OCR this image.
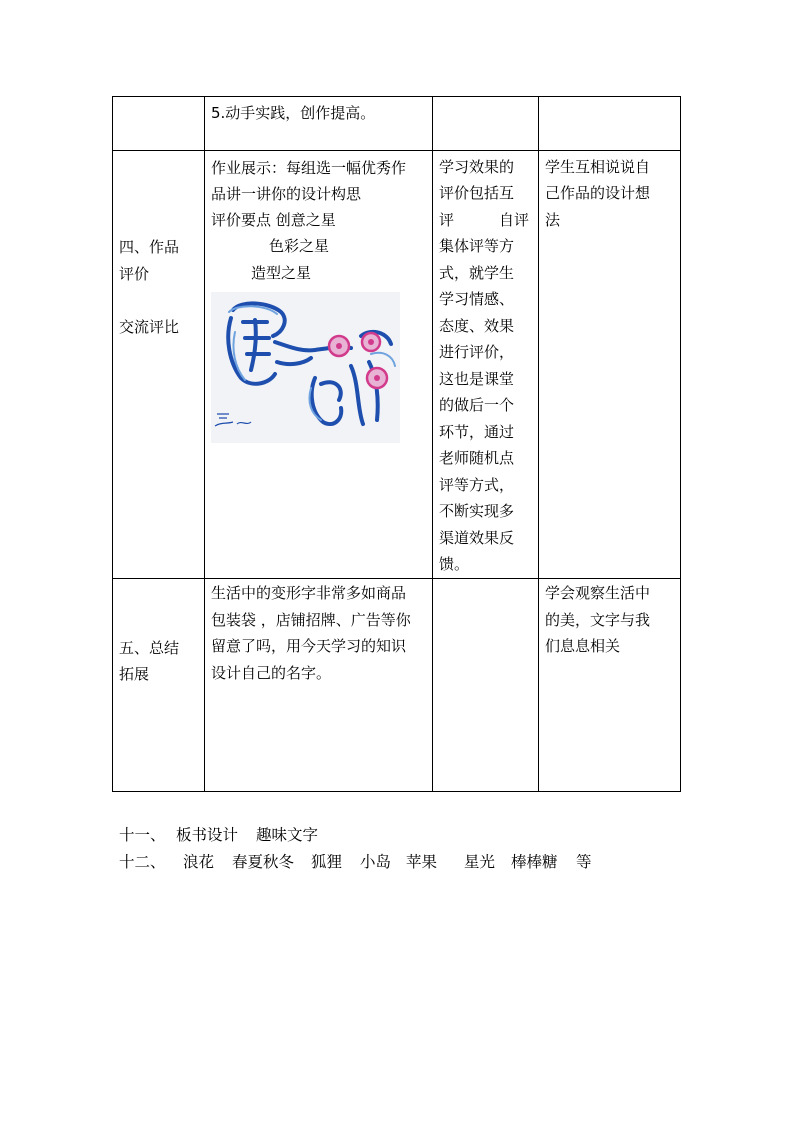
5.动手实践，创作提高。
四、作品
评价
交流评比
作业展示：每组选一幅优秀作
品讲一讲你的设计构思
评价要点 创意之星
色彩之星
造型之星
学习效果的
评价包括互
评	自评
集体评等方
式，就学生
学习情感、
态度、效果
进行评价，
这也是课堂
的做后一个
环节，通过
老师随机点
评等方式，
不断实现多
渠道效果反
馈。
学生互相说说自
己作品的设计想
法
五、总结
拓展
生活中的变形字非常多如商品
包装袋 ，店铺招牌、广告等你
留意了吗，用今天学习的知识
设计自己的名字。
学会观察生活中
的美，文字与我
们息息相关
十一、 板书设计 趣味文字
十二、 浪花 春夏秋冬 狐狸 小岛 苹果 星光 棒棒糖 等
